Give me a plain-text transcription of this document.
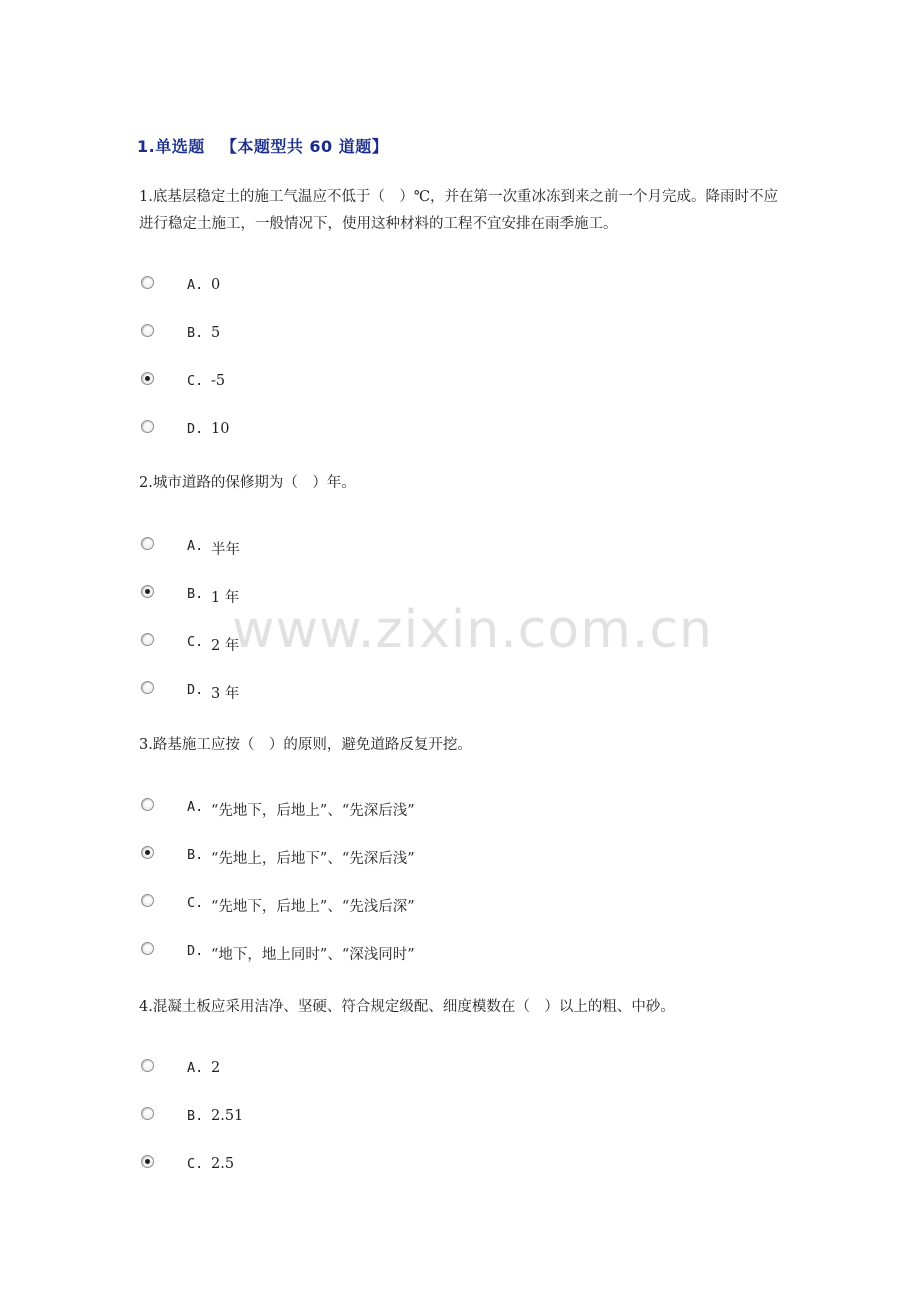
1.单选题 【本题型共 60 道题】
1.底基层稳定土的施工气温应不低于（　）℃，并在第一次重冰冻到来之前一个月完成。降雨时不应进行稳定土施工，一般情况下，使用这种材料的工程不宜安排在雨季施工。
A. 0
B. 5
C. -5
D. 10
2.城市道路的保修期为（　）年。
A. 半年
B. 1 年
C. 2 年
D. 3 年
3.路基施工应按（　）的原则，避免道路反复开挖。
A. “先地下，后地上”、“先深后浅”
B. “先地上，后地下”、“先深后浅”
C. “先地下，后地上”、“先浅后深”
D. “地下，地上同时”、“深浅同时”
4.混凝土板应采用洁净、坚硬、符合规定级配、细度模数在（　）以上的粗、中砂。
A. 2
B. 2.51
C. 2.5
www.zixin.com.cn
